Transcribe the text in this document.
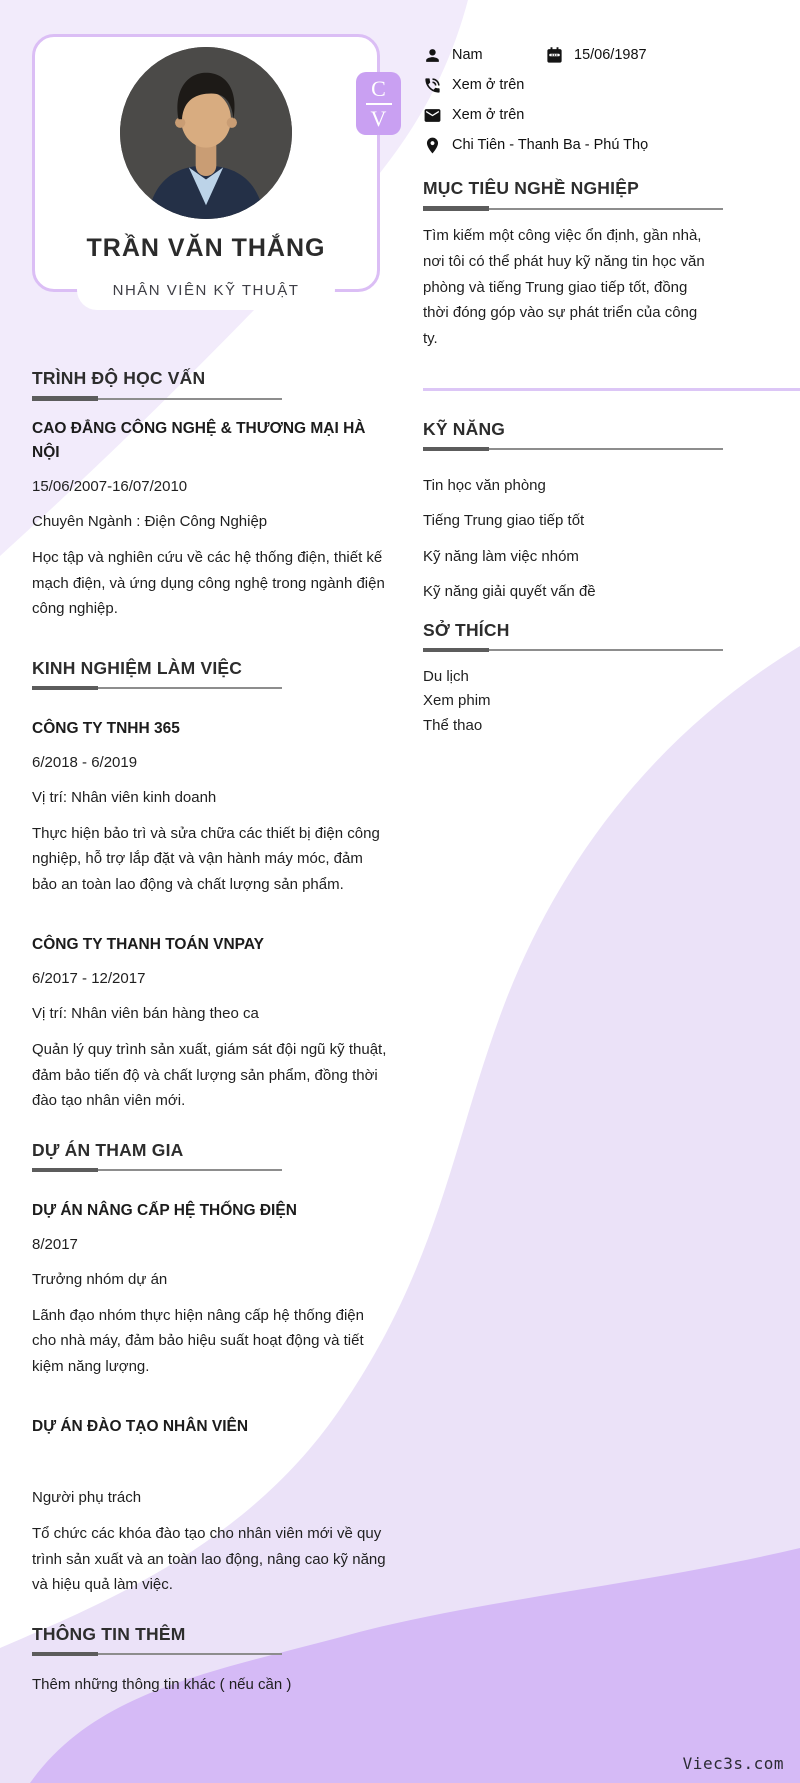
TRẦN VĂN THẮNG
NHÂN VIÊN KỸ THUẬT
C
V
Nam	15/06/1987
Xem ở trên
Xem ở trên
Chi Tiên - Thanh Ba - Phú Thọ
MỤC TIÊU NGHỀ NGHIỆP

Tìm kiếm một công việc ổn định, gần nhà, nơi tôi có thể phát huy kỹ năng tin học văn phòng và tiếng Trung giao tiếp tốt, đồng thời đóng góp vào sự phát triển của công ty.

KỸ NĂNG
Tin học văn phòng
Tiếng Trung giao tiếp tốt
Kỹ năng làm việc nhóm
Kỹ năng giải quyết vấn đề
SỞ THÍCH
Du lịch
Xem phim
Thể thao
TRÌNH ĐỘ HỌC VẤN
CAO ĐẲNG CÔNG NGHỆ & THƯƠNG MẠI HÀ NỘI

15/06/2007-16/07/2010

Chuyên Ngành : Điện Công Nghiệp

Học tập và nghiên cứu về các hệ thống điện, thiết kế mạch điện, và ứng dụng công nghệ trong ngành điện công nghiệp.

KINH NGHIỆM LÀM VIỆC
CÔNG TY TNHH 365

6/2018 - 6/2019

Vị trí: Nhân viên kinh doanh

Thực hiện bảo trì và sửa chữa các thiết bị điện công nghiệp, hỗ trợ lắp đặt và vận hành máy móc, đảm bảo an toàn lao động và chất lượng sản phẩm.

CÔNG TY THANH TOÁN VNPAY

6/2017 - 12/2017

Vị trí: Nhân viên bán hàng theo ca

Quản lý quy trình sản xuất, giám sát đội ngũ kỹ thuật, đảm bảo tiến độ và chất lượng sản phẩm, đồng thời đào tạo nhân viên mới.

DỰ ÁN THAM GIA
DỰ ÁN NÂNG CẤP HỆ THỐNG ĐIỆN

8/2017

Trưởng nhóm dự án

Lãnh đạo nhóm thực hiện nâng cấp hệ thống điện cho nhà máy, đảm bảo hiệu suất hoạt động và tiết kiệm năng lượng.

DỰ ÁN ĐÀO TẠO NHÂN VIÊN

Người phụ trách

Tổ chức các khóa đào tạo cho nhân viên mới về quy trình sản xuất và an toàn lao động, nâng cao kỹ năng và hiệu quả làm việc.

THÔNG TIN THÊM

Thêm những thông tin khác ( nếu cần )

Viec3s.com
